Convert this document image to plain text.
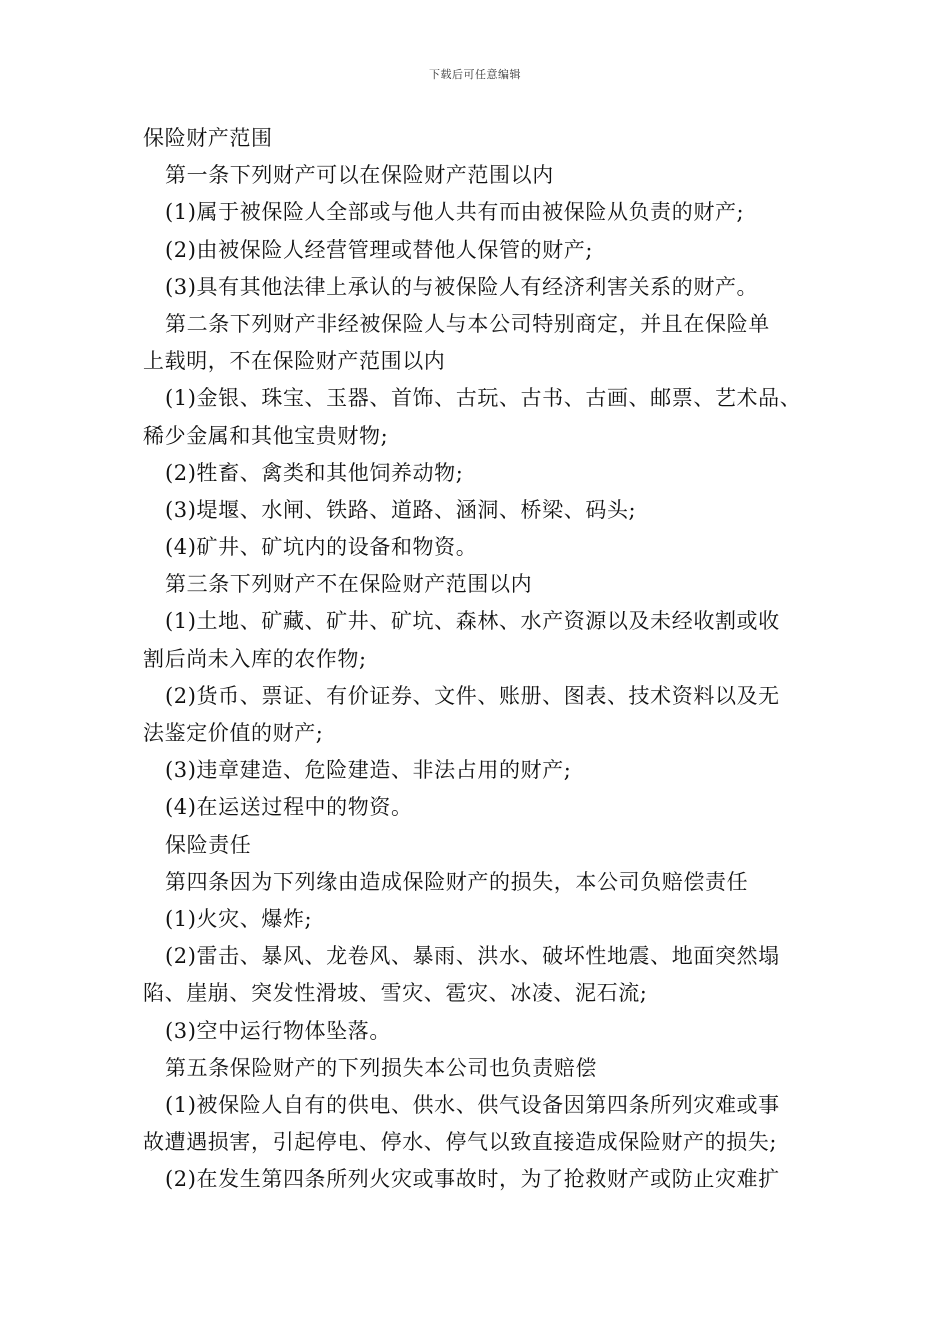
下载后可任意编辑
保险财产范围
第一条下列财产可以在保险财产范围以内
(1)属于被保险人全部或与他人共有而由被保险从负责的财产;
(2)由被保险人经营管理或替他人保管的财产;
(3)具有其他法律上承认的与被保险人有经济利害关系的财产。
第二条下列财产非经被保险人与本公司特别商定，并且在保险单
上载明，不在保险财产范围以内
(1)金银、珠宝、玉器、首饰、古玩、古书、古画、邮票、艺术品、
稀少金属和其他宝贵财物;
(2)牲畜、禽类和其他饲养动物;
(3)堤堰、水闸、铁路、道路、涵洞、桥梁、码头;
(4)矿井、矿坑内的设备和物资。
第三条下列财产不在保险财产范围以内
(1)土地、矿藏、矿井、矿坑、森林、水产资源以及未经收割或收
割后尚未入库的农作物;
(2)货币、票证、有价证券、文件、账册、图表、技术资料以及无
法鉴定价值的财产;
(3)违章建造、危险建造、非法占用的财产;
(4)在运送过程中的物资。
保险责任
第四条因为下列缘由造成保险财产的损失，本公司负赔偿责任
(1)火灾、爆炸;
(2)雷击、暴风、龙卷风、暴雨、洪水、破坏性地震、地面突然塌
陷、崖崩、突发性滑坡、雪灾、雹灾、冰凌、泥石流;
(3)空中运行物体坠落。
第五条保险财产的下列损失本公司也负责赔偿
(1)被保险人自有的供电、供水、供气设备因第四条所列灾难或事
故遭遇损害，引起停电、停水、停气以致直接造成保险财产的损失;
(2)在发生第四条所列火灾或事故时，为了抢救财产或防止灾难扩
